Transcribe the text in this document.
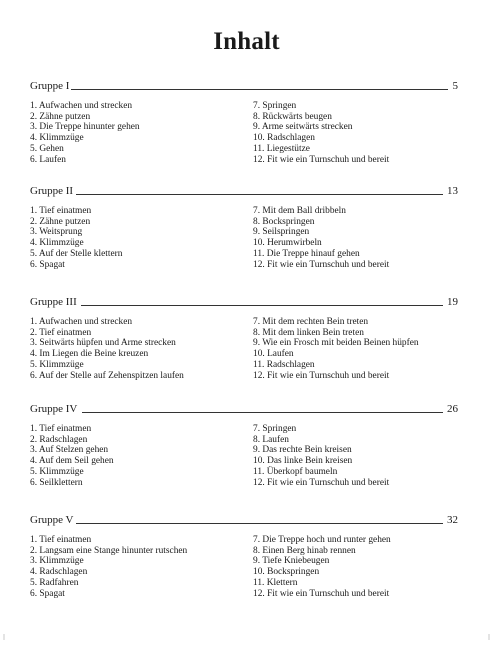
Inhalt
Gruppe I	5
1. Aufwachen und strecken
2. Zähne putzen
3. Die Treppe hinunter gehen
4. Klimmzüge
5. Gehen
6. Laufen
7. Springen
8. Rückwärts beugen
9. Arme seitwärts strecken
10. Radschlagen
11. Liegestütze
12. Fit wie ein Turnschuh und bereit
Gruppe II	13
1. Tief einatmen
2. Zähne putzen
3. Weitsprung
4. Klimmzüge
5. Auf der Stelle klettern
6. Spagat
7. Mit dem Ball dribbeln
8. Bockspringen
9. Seilspringen
10. Herumwirbeln
11. Die Treppe hinauf gehen
12. Fit wie ein Turnschuh und bereit
Gruppe III	19
1. Aufwachen und strecken
2. Tief einatmen
3. Seitwärts hüpfen und Arme strecken
4. Im Liegen die Beine kreuzen
5. Klimmzüge
6. Auf der Stelle auf Zehenspitzen laufen
7. Mit dem rechten Bein treten
8. Mit dem linken Bein treten
9. Wie ein Frosch mit beiden Beinen hüpfen
10. Laufen
11. Radschlagen
12. Fit wie ein Turnschuh und bereit
Gruppe IV	26
1. Tief einatmen
2. Radschlagen
3. Auf Stelzen gehen
4. Auf dem Seil gehen
5. Klimmzüge
6. Seilklettern
7. Springen
8. Laufen
9. Das rechte Bein kreisen
10. Das linke Bein kreisen
11. Überkopf baumeln
12. Fit wie ein Turnschuh und bereit
Gruppe V	32
1. Tief einatmen
2. Langsam eine Stange hinunter rutschen
3. Klimmzüge
4. Radschlagen
5. Radfahren
6. Spagat
7. Die Treppe hoch und runter gehen
8. Einen Berg hinab rennen
9. Tiefe Kniebeugen
10. Bockspringen
11. Klettern
12. Fit wie ein Turnschuh und bereit
